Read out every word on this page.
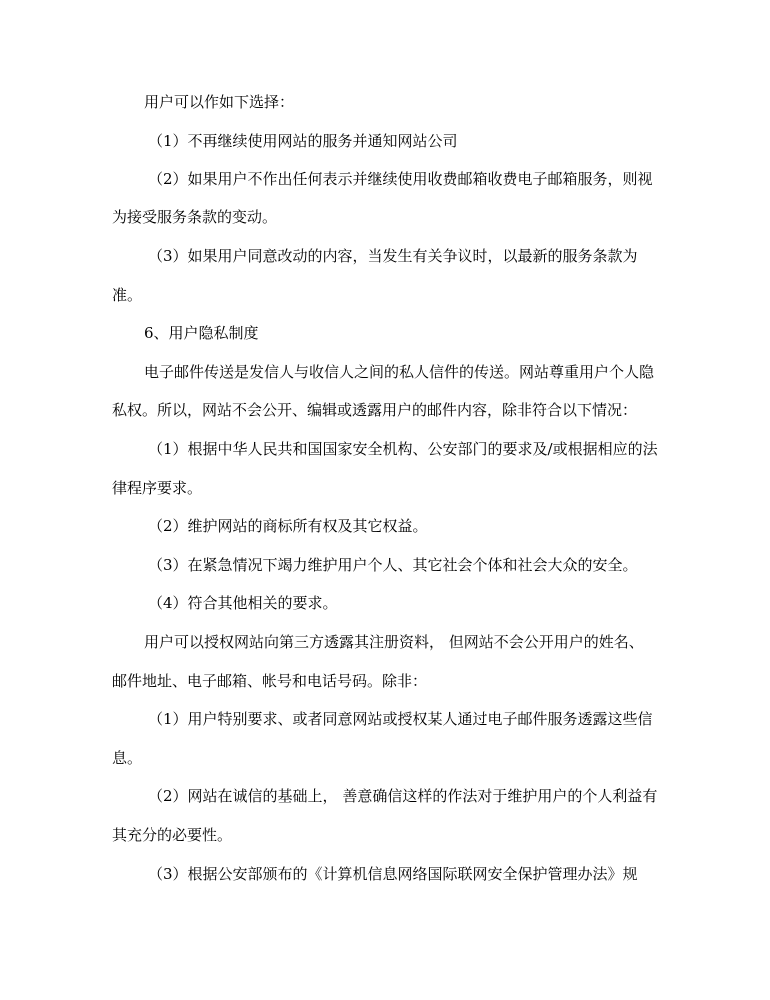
用户可以作如下选择：
（1）不再继续使用网站的服务并通知网站公司
（2）如果用户不作出任何表示并继续使用收费邮箱收费电子邮箱服务，则视
为接受服务条款的变动。
（3）如果用户同意改动的内容，当发生有关争议时，以最新的服务条款为
准。
6、用户隐私制度
电子邮件传送是发信人与收信人之间的私人信件的传送。网站尊重用户个人隐
私权。所以，网站不会公开、编辑或透露用户的邮件内容，除非符合以下情况：
（1）根据中华人民共和国国家安全机构、公安部门的要求及/或根据相应的法
律程序要求。
（2）维护网站的商标所有权及其它权益。
（3）在紧急情况下竭力维护用户个人、其它社会个体和社会大众的安全。
（4）符合其他相关的要求。
用户可以授权网站向第三方透露其注册资料， 但网站不会公开用户的姓名、
邮件地址、电子邮箱、帐号和电话号码。除非：
（1）用户特别要求、或者同意网站或授权某人通过电子邮件服务透露这些信
息。
（2）网站在诚信的基础上， 善意确信这样的作法对于维护用户的个人利益有
其充分的必要性。
（3）根据公安部颁布的《计算机信息网络国际联网安全保护管理办法》规
